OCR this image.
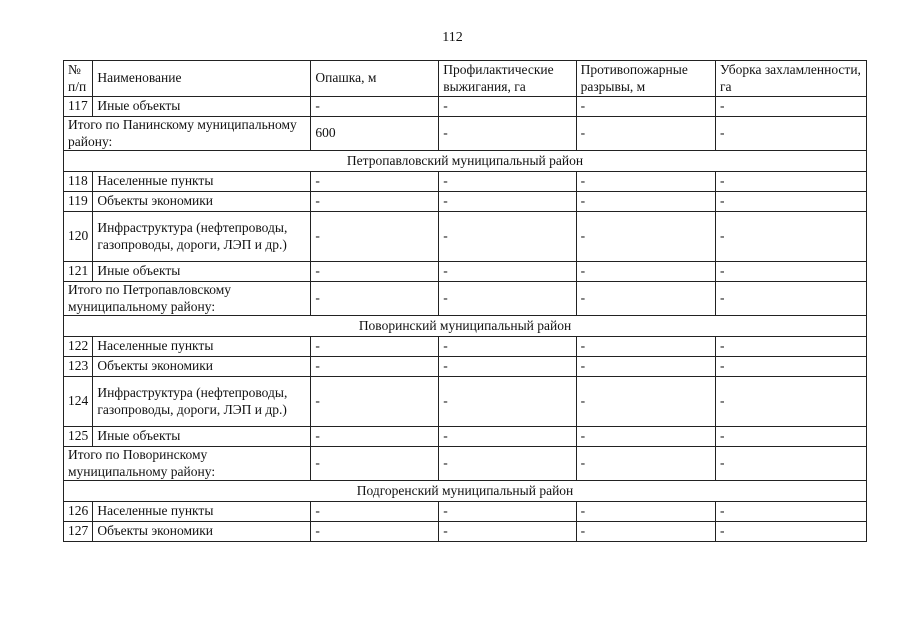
112
№ п/п	Наименование	Опашка, м	Профилактические выжигания, га	Противопожарные разрывы, м	Уборка захламленности, га
117	Иные объекты	-	-	-	-
Итого по Панинскому муниципальному району:		600	-	-	-
Петропавловский муниципальный район					
118	Населенные пункты	-	-	-	-
119	Объекты экономики	-	-	-	-
120	Инфраструктура (нефтепроводы, газопроводы, дороги, ЛЭП и др.)	-	-	-	-
121	Иные объекты	-	-	-	-
Итого по Петропавловскому муниципальному району:		-	-	-	-
Поворинский муниципальный район					
122	Населенные пункты	-	-	-	-
123	Объекты экономики	-	-	-	-
124	Инфраструктура (нефтепроводы, газопроводы, дороги, ЛЭП и др.)	-	-	-	-
125	Иные объекты	-	-	-	-
Итого по Поворинскому муниципальному району:		-	-	-	-
Подгоренский муниципальный район					
126	Населенные пункты	-	-	-	-
127	Объекты экономики	-	-	-	-
